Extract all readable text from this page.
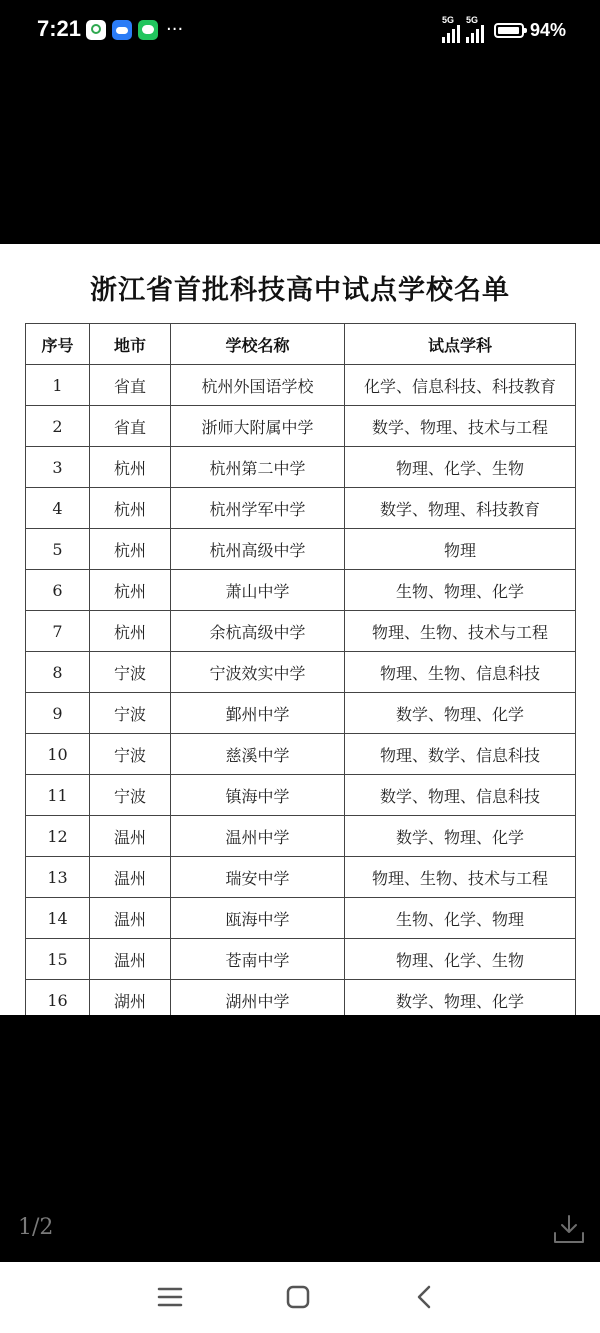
7:21	···	5G 5G	94%
浙江省首批科技高中试点学校名单
序号	地市	学校名称	试点学科
1	省直	杭州外国语学校	化学、信息科技、科技教育
2	省直	浙师大附属中学	数学、物理、技术与工程
3	杭州	杭州第二中学	物理、化学、生物
4	杭州	杭州学军中学	数学、物理、科技教育
5	杭州	杭州高级中学	物理
6	杭州	萧山中学	生物、物理、化学
7	杭州	余杭高级中学	物理、生物、技术与工程
8	宁波	宁波效实中学	物理、生物、信息科技
9	宁波	鄞州中学	数学、物理、化学
10	宁波	慈溪中学	物理、数学、信息科技
11	宁波	镇海中学	数学、物理、信息科技
12	温州	温州中学	数学、物理、化学
13	温州	瑞安中学	物理、生物、技术与工程
14	温州	瓯海中学	生物、化学、物理
15	温州	苍南中学	物理、化学、生物
16	湖州	湖州中学	数学、物理、化学
1/2
